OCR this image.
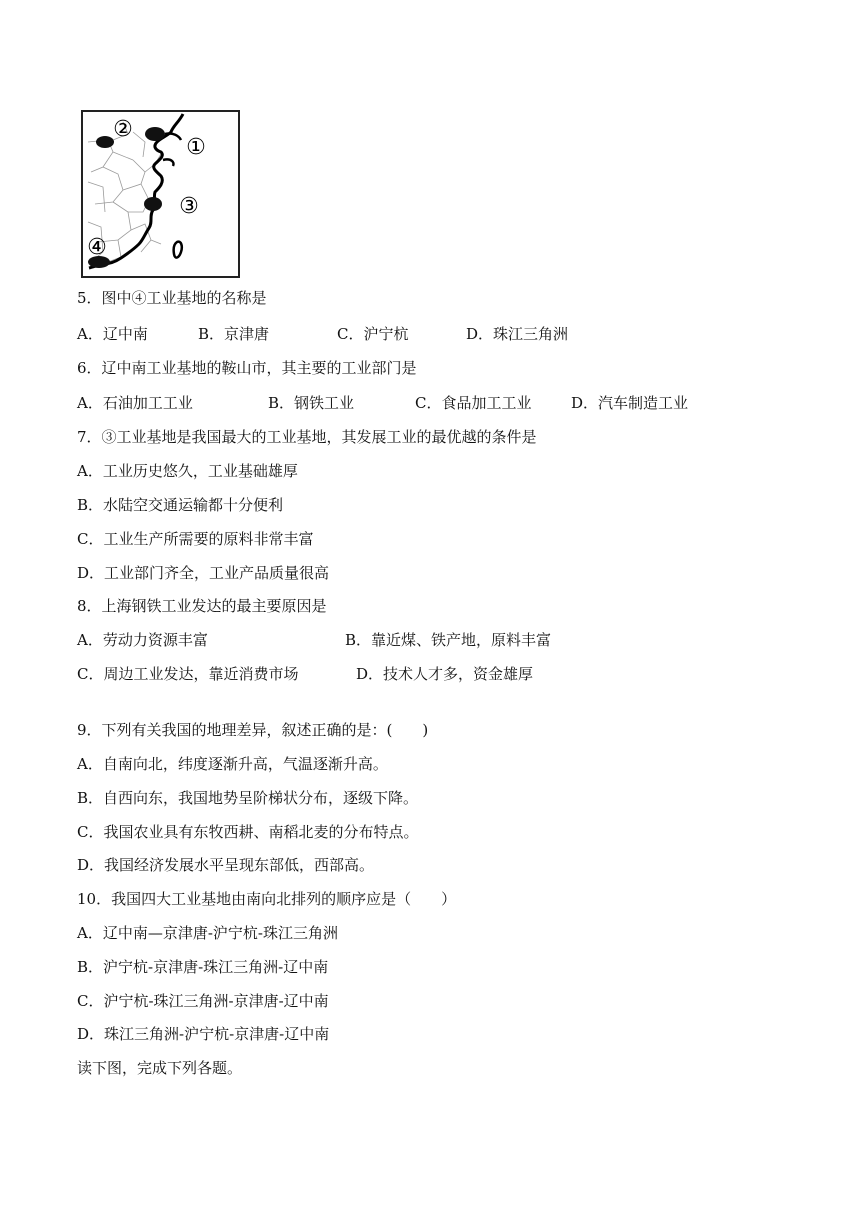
②
①
③
④
5．图中④工业基地的名称是
A．辽中南	B．京津唐	C．沪宁杭	D．珠江三角洲
6．辽中南工业基地的鞍山市，其主要的工业部门是
A．石油加工工业	B．钢铁工业	C．食品加工工业	D．汽车制造工业
7．③工业基地是我国最大的工业基地，其发展工业的最优越的条件是
A．工业历史悠久，工业基础雄厚
B．水陆空交通运输都十分便利
C．工业生产所需要的原料非常丰富
D．工业部门齐全，工业产品质量很高
8．上海钢铁工业发达的最主要原因是
A．劳动力资源丰富	B．靠近煤、铁产地，原料丰富
C．周边工业发达，靠近消费市场	D．技术人才多，资金雄厚
9．下列有关我国的地理差异，叙述正确的是：(　　)
A．自南向北，纬度逐渐升高，气温逐渐升高。
B．自西向东，我国地势呈阶梯状分布，逐级下降。
C．我国农业具有东牧西耕、南稻北麦的分布特点。
D．我国经济发展水平呈现东部低，西部高。
10．我国四大工业基地由南向北排列的顺序应是（　　）
A．辽中南—京津唐-沪宁杭-珠江三角洲
B．沪宁杭-京津唐-珠江三角洲-辽中南
C．沪宁杭-珠江三角洲-京津唐-辽中南
D．珠江三角洲-沪宁杭-京津唐-辽中南
读下图，完成下列各题。
